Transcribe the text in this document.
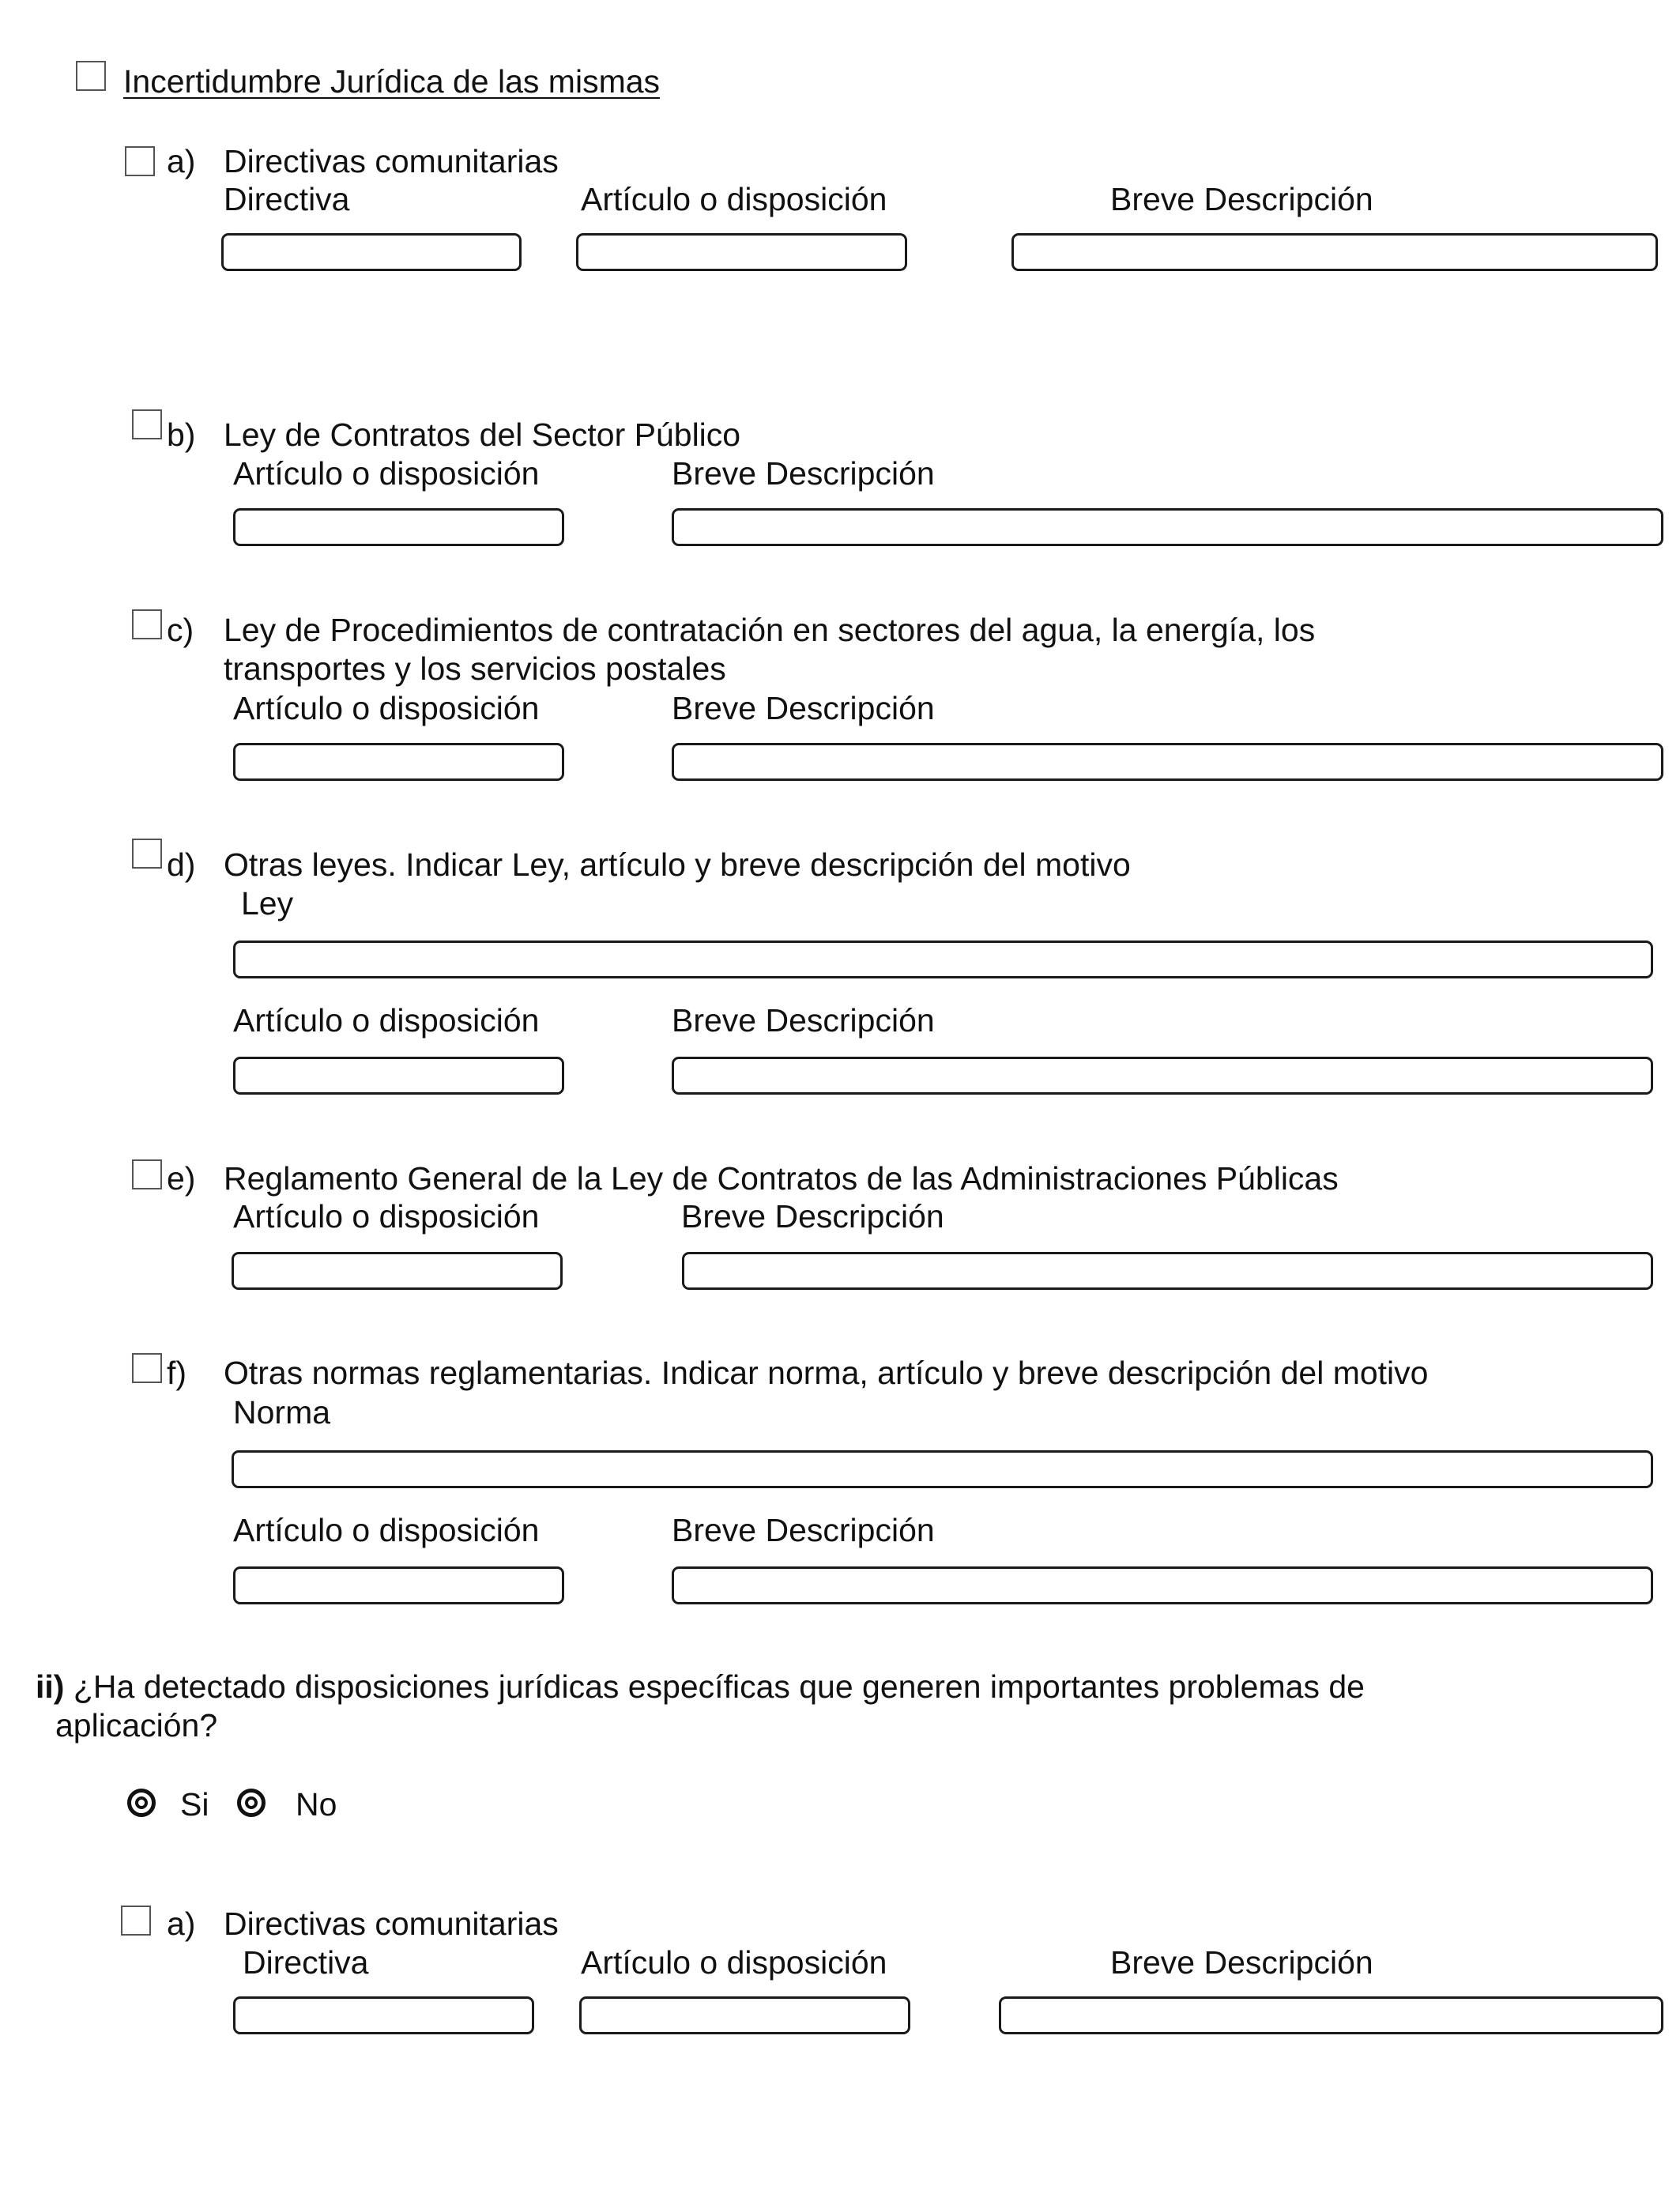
Incertidumbre Jurídica de las mismas
a) Directivas comunitarias
Directiva	Artículo o disposición	Breve Descripción
b) Ley de Contratos del Sector Público
Artículo o disposición	Breve Descripción
c) Ley de Procedimientos de contratación en sectores del agua, la energía, los
transportes y los servicios postales
Artículo o disposición	Breve Descripción
d) Otras leyes. Indicar Ley, artículo y breve descripción del motivo
Ley
Artículo o disposición	Breve Descripción
e) Reglamento General de la Ley de Contratos de las Administraciones Públicas
Artículo o disposición	Breve Descripción
f) Otras normas reglamentarias. Indicar norma, artículo y breve descripción del motivo
Norma
Artículo o disposición	Breve Descripción
ii) ¿Ha detectado disposiciones jurídicas específicas que generen importantes problemas de
aplicación?
Si	No
a) Directivas comunitarias
Directiva	Artículo o disposición	Breve Descripción
